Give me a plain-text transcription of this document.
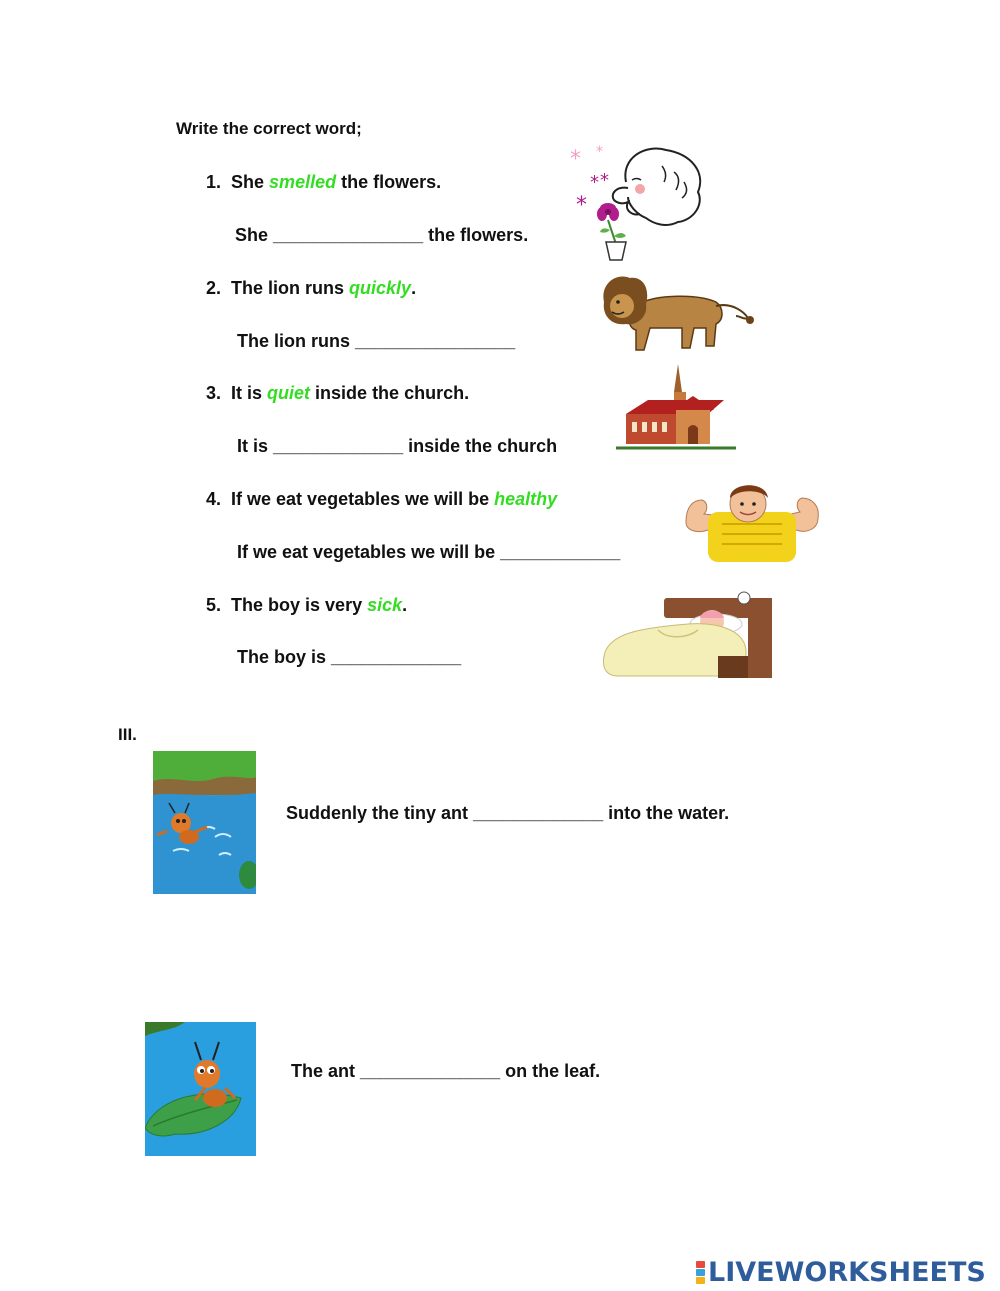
Write the correct word;
1. She smelled the flowers.
She _______________ the flowers.
2. The lion runs quickly.
The lion runs ________________
3. It is quiet inside the church.
It is _____________ inside the church
4. If we eat vegetables we will be healthy
If we eat vegetables we will be ____________
5. The boy is very sick.
The boy is _____________
III.
Suddenly the tiny ant _____________ into the water.
The ant ______________ on the leaf.
* *
*
*
*
LIVEWORKSHEETS
